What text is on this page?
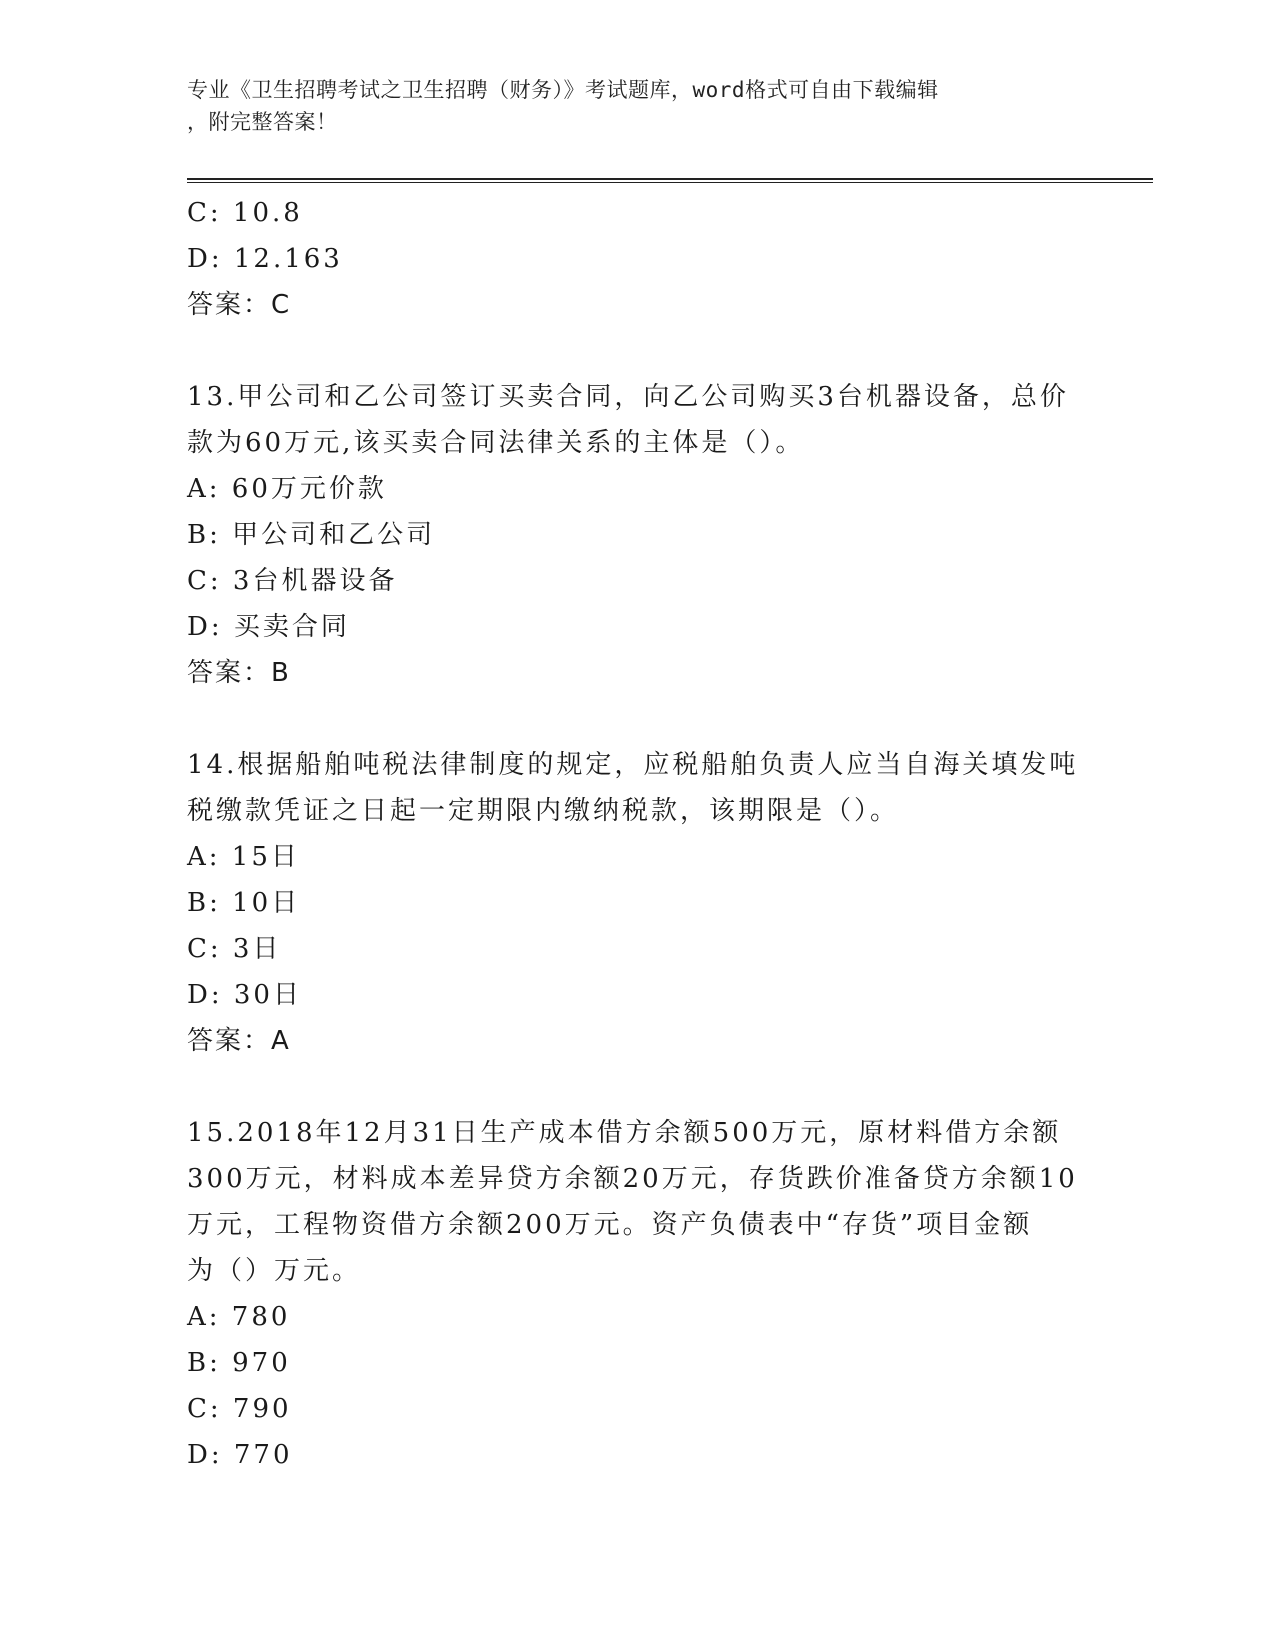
专业《卫生招聘考试之卫生招聘（财务）》考试题库，word格式可自由下载编辑
，附完整答案！
C: 10.8
D: 12.163
答案：C
13.甲公司和乙公司签订买卖合同，向乙公司购买3台机器设备，总价
款为60万元,该买卖合同法律关系的主体是（）。
A: 60万元价款
B: 甲公司和乙公司
C: 3台机器设备
D: 买卖合同
答案：B
14.根据船舶吨税法律制度的规定，应税船舶负责人应当自海关填发吨
税缴款凭证之日起一定期限内缴纳税款，该期限是（）。
A: 15日
B: 10日
C: 3日
D: 30日
答案：A
15.2018年12月31日生产成本借方余额500万元，原材料借方余额
300万元，材料成本差异贷方余额20万元，存货跌价准备贷方余额10
万元，工程物资借方余额200万元。资产负债表中“存货”项目金额
为（）万元。
A: 780
B: 970
C: 790
D: 770
